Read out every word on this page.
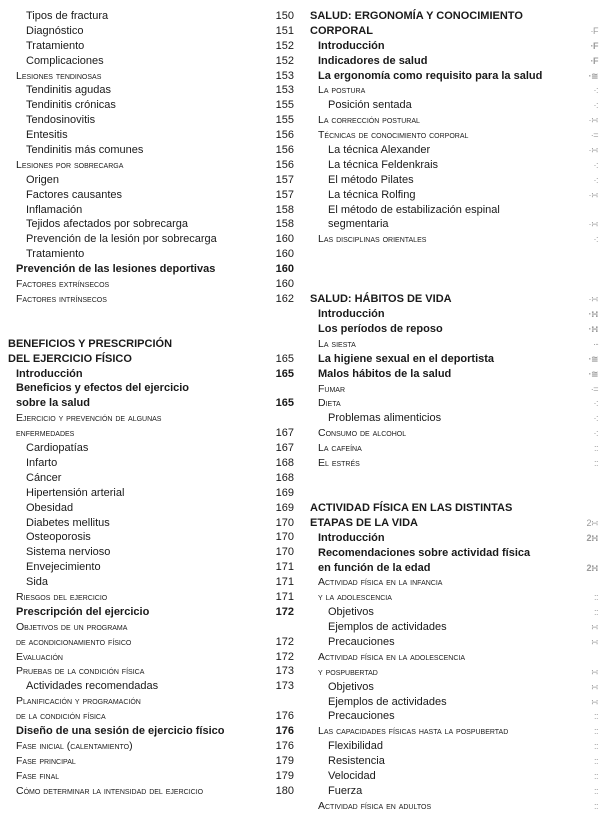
Tipos de fractura	150
Diagnóstico	151
Tratamiento	152
Complicaciones	152
Lesiones tendinosas	153
Tendinitis agudas	153
Tendinitis crónicas	155
Tendosinovitis	155
Entesitis	156
Tendinitis más comunes	156
Lesiones por sobrecarga	156
Origen	157
Factores causantes	157
Inflamación	158
Tejidos afectados por sobrecarga	158
Prevención de la lesión por sobrecarga	160
Tratamiento	160
Prevención de las lesiones deportivas	160
Factores extrínsecos	160
Factores intrínsecos	162
BENEFICIOS Y PRESCRIPCIÓN
DEL EJERCICIO FÍSICO	165
Introducción	165
Beneficios y efectos del ejercicio
sobre la salud	165
Ejercicio y prevención de algunas
enfermedades	167
Cardiopatías	167
Infarto	168
Cáncer	168
Hipertensión arterial	169
Obesidad	169
Diabetes mellitus	170
Osteoporosis	170
Sistema nervioso	170
Envejecimiento	171
Sida	171
Riesgos del ejercicio	171
Prescripción del ejercicio	172
Objetivos de un programa
de acondicionamiento físico	172
Evaluación	172
Pruebas de la condición física	173
Actividades recomendadas	173
Planificación y programación
de la condición física	176
Diseño de una sesión de ejercicio físico	176
Fase inicial (calentamiento)	176
Fase principal	179
Fase final	179
Cómo determinar la intensidad del ejercicio	180
SALUD: ERGONOMÍA Y CONOCIMIENTO
CORPORAL	·F
Introducción	·F
Indicadores de salud	·F
La ergonomía como requisito para la salud	·≅
La postura	·:
Posición sentada	·:
La corrección postural	·∺
Técnicas de conocimiento corporal	·=
La técnica Alexander	·∺
La técnica Feldenkrais	·:
El método Pilates	·:
La técnica Rolfing	·∺
El método de estabilización espinal
segmentaria	·∺
Las disciplinas orientales	·:
SALUD: HÁBITOS DE VIDA	·∺
Introducción	·∺
Los períodos de reposo	·∺
La siesta	·-
La higiene sexual en el deportista	·≅
Malos hábitos de la salud	·≅
Fumar	·=
Dieta	·:
Problemas alimenticios	·:
Consumo de alcohol	·:
La cafeína	::
El estrés	::
ACTIVIDAD FÍSICA EN LAS DISTINTAS
ETAPAS DE LA VIDA	2∺
Introducción	2∺
Recomendaciones sobre actividad física
en función de la edad	2∺
Actividad física en la infancia
y la adolescencia	::
Objetivos	::
Ejemplos de actividades	∺
Precauciones	∺
Actividad física en la adolescencia
y pospubertad	∺
Objetivos	∺
Ejemplos de actividades	∺
Precauciones	::
Las capacidades físicas hasta la pospubertad	::
Flexibilidad	::
Resistencia	::
Velocidad	::
Fuerza	::
Actividad física en adultos	::
